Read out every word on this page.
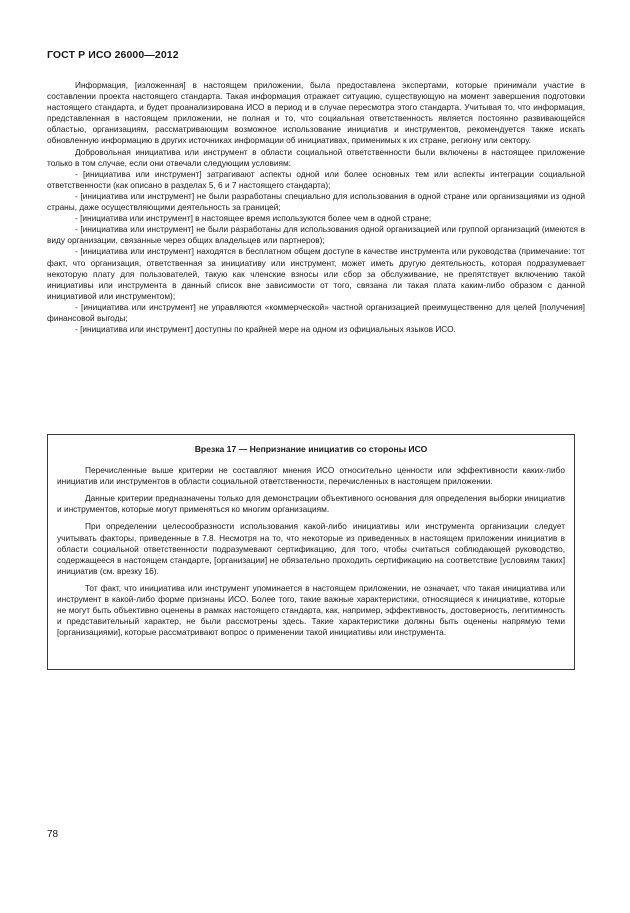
ГОСТ Р ИСО 26000—2012

Информация, [изложенная] в настоящем приложении, была предоставлена экспертами, которые принимали участие в составлении проекта настоящего стандарта. Такая информация отражает ситуацию, существующую на момент завершения подготовки настоящего стандарта, и будет проанализирована ИСО в период и в случае пересмотра этого стандарта. Учитывая то, что информация, представленная в настоящем приложении, не полная и то, что социальная ответственность является постоянно развивающейся областью, организациям, рассматривающим возможное использование инициатив и инструментов, рекомендуется также искать обновленную информацию в других источниках информации об инициативах, применимых к их стране, региону или сектору.

Добровольная инициатива или инструмент в области социальной ответственности были включены в настоящее приложение только в том случае, если они отвечали следующим условиям:

- [инициатива или инструмент] затрагивают аспекты одной или более основных тем или аспекты интеграции социальной ответственности (как описано в разделах 5, 6 и 7 настоящего стандарта);

- [инициатива или инструмент] не были разработаны специально для использования в одной стране или организациями из одной страны, даже осуществляющими деятельность за границей;

- [инициатива или инструмент] в настоящее время используются более чем в одной стране;

- [инициатива или инструмент] не были разработаны для использования одной организацией или группой организаций (имеются в виду организации, связанные через общих владельцев или партнеров);

- [инициатива или инструмент] находятся в бесплатном общем доступе в качестве инструмента или руководства (примечание: тот факт, что организация, ответственная за инициативу или инструмент, может иметь другую деятельность, которая подразумевает некоторую плату для пользователей, такую как членские взносы или сбор за обслуживание, не препятствует включению такой инициативы или инструмента в данный список вне зависимости от того, связана ли такая плата каким-либо образом с данной инициативой или инструментом);

- [инициатива или инструмент] не управляются «коммерческой» частной организацией преимущественно для целей [получения] финансовой выгоды;

- [инициатива или инструмент] доступны по крайней мере на одном из официальных языков ИСО.

Врезка 17 — Непризнание инициатив со стороны ИСО

Перечисленные выше критерии не составляют мнения ИСО относительно ценности или эффективности каких-либо инициатив или инструментов в области социальной ответственности, перечисленных в настоящем приложении.

Данные критерии предназначены только для демонстрации объективного основания для определения выборки инициатив и инструментов, которые могут применяться ко многим организациям.

При определении целесообразности использования какой-либо инициативы или инструмента организации следует учитывать факторы, приведенные в 7.8. Несмотря на то, что некоторые из приведенных в настоящем приложении инициатив в области социальной ответственности подразумевают сертификацию, для того, чтобы считаться соблюдающей руководство, содержащееся в настоящем стандарте, [организации] не обязательно проходить сертификацию на соответствие [условиям таких] инициатив (см. врезку 16).

Тот факт, что инициатива или инструмент упоминается в настоящем приложении, не означает, что такая инициатива или инструмент в какой-либо форме признаны ИСО. Более того, такие важные характеристики, относящиеся к инициативе, которые не могут быть объективно оценены в рамках настоящего стандарта, как, например, эффективность, достоверность, легитимность и представительный характер, не были рассмотрены здесь. Такие характеристики должны быть оценены напрямую теми [организациями], которые рассматривают вопрос о применении такой инициативы или инструмента.

78
